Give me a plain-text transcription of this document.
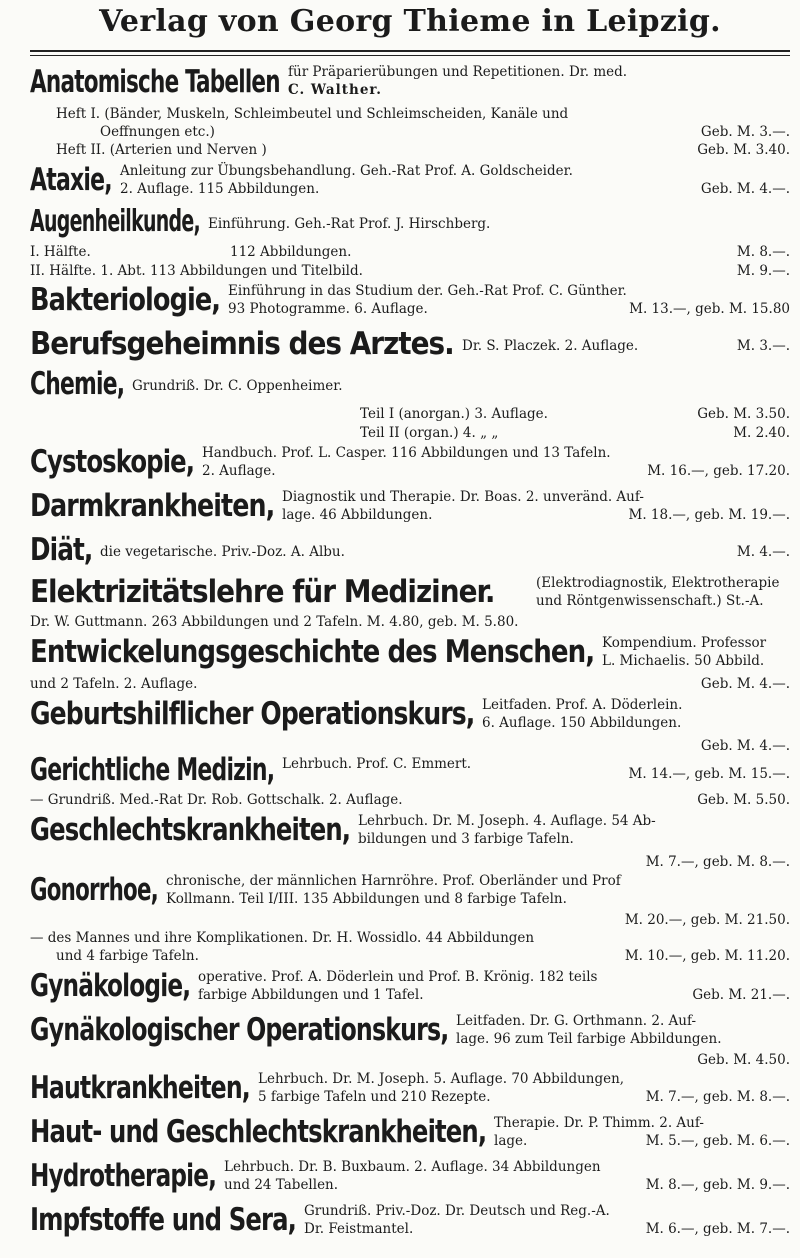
Verlag von Georg Thieme in Leipzig.
Anatomische Tabellen für Präparierübungen und Repetitionen. Dr. med.
C. Walther.
Heft I. (Bänder, Muskeln, Schleimbeutel und Schleimscheiden, Kanäle und
Oeffnungen etc.)	Geb. M. 3.—.
Heft II. (Arterien und Nerven )	Geb. M. 3.40.
Ataxie, Anleitung zur Übungsbehandlung. Geh.-Rat Prof. A. Goldscheider.
2. Auflage. 115 Abbildungen.	Geb. M. 4.—.
Augenheilkunde, Einführung. Geh.-Rat Prof. J. Hirschberg.
I. Hälfte.	112 Abbildungen.	M. 8.—.
II. Hälfte. 1. Abt. 113 Abbildungen und Titelbild.	M. 9.—.
Bakteriologie, Einführung in das Studium der. Geh.-Rat Prof. C. Günther.
93 Photogramme. 6. Auflage.	M. 13.—, geb. M. 15.80
Berufsgeheimnis des Arztes. Dr. S. Placzek. 2. Auflage.	M. 3.—.
Chemie, Grundriß. Dr. C. Oppenheimer.
Teil I (anorgan.) 3. Auflage.	Geb. M. 3.50.
Teil II (organ.) 4. „ „	M. 2.40.
Cystoskopie, Handbuch. Prof. L. Casper. 116 Abbildungen und 13 Tafeln.
2. Auflage.	M. 16.—, geb. 17.20.
Darmkrankheiten, Diagnostik und Therapie. Dr. Boas. 2. unveränd. Auf-
lage. 46 Abbildungen.	M. 18.—, geb. M. 19.—.
Diät, die vegetarische. Priv.-Doz. A. Albu.	M. 4.—.
Elektrizitätslehre für Mediziner.	(Elektrodiagnostik, Elektrotherapie
und Röntgenwissenschaft.) St.-A.
Dr. W. Guttmann. 263 Abbildungen und 2 Tafeln. M. 4.80, geb. M. 5.80.
Entwickelungsgeschichte des Menschen, Kompendium. Professor
L. Michaelis. 50 Abbild.
und 2 Tafeln. 2. Auflage.	Geb. M. 4.—.
Geburtshilflicher Operationskurs, Leitfaden. Prof. A. Döderlein.
6. Auflage. 150 Abbildungen.
Geb. M. 4.—.
Gerichtliche Medizin, Lehrbuch. Prof. C. Emmert.
M. 14.—, geb. M. 15.—.
— Grundriß. Med.-Rat Dr. Rob. Gottschalk. 2. Auflage.	Geb. M. 5.50.
Geschlechtskrankheiten, Lehrbuch. Dr. M. Joseph. 4. Auflage. 54 Ab-
bildungen und 3 farbige Tafeln.
M. 7.—, geb. M. 8.—.
Gonorrhoe, chronische, der männlichen Harnröhre. Prof. Oberländer und Prof
Kollmann. Teil I/III. 135 Abbildungen und 8 farbige Tafeln.
M. 20.—, geb. M. 21.50.
— des Mannes und ihre Komplikationen. Dr. H. Wossidlo. 44 Abbildungen
und 4 farbige Tafeln.	M. 10.—, geb. M. 11.20.
Gynäkologie, operative. Prof. A. Döderlein und Prof. B. Krönig. 182 teils
farbige Abbildungen und 1 Tafel.	Geb. M. 21.—.
Gynäkologischer Operationskurs, Leitfaden. Dr. G. Orthmann. 2. Auf-
lage. 96 zum Teil farbige Abbildungen.
Geb. M. 4.50.
Hautkrankheiten, Lehrbuch. Dr. M. Joseph. 5. Auflage. 70 Abbildungen,
5 farbige Tafeln und 210 Rezepte.	M. 7.—, geb. M. 8.—.
Haut- und Geschlechtskrankheiten, Therapie. Dr. P. Thimm. 2. Auf-
lage.	M. 5.—, geb. M. 6.—.
Hydrotherapie, Lehrbuch. Dr. B. Buxbaum. 2. Auflage. 34 Abbildungen
und 24 Tabellen.	M. 8.—, geb. M. 9.—.
Impfstoffe und Sera, Grundriß. Priv.-Doz. Dr. Deutsch und Reg.-A.
Dr. Feistmantel.	M. 6.—, geb. M. 7.—.
